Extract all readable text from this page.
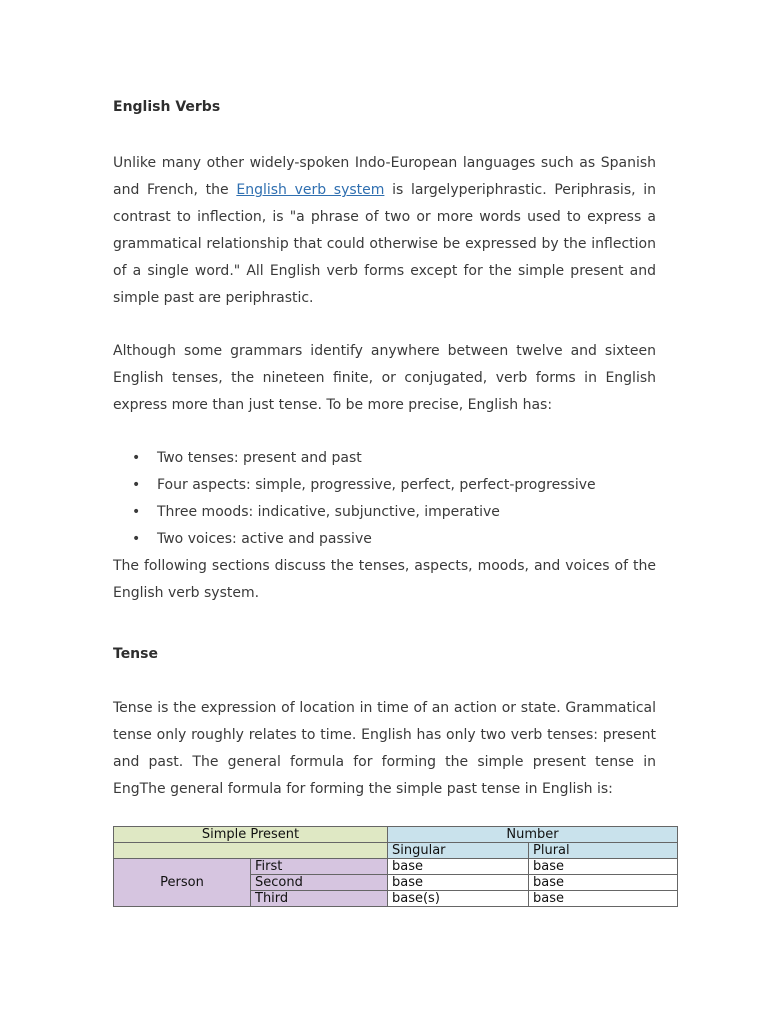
English Verbs

Unlike many other widely-spoken Indo-European languages such as Spanish and French, the English verb system is largelyperiphrastic. Periphrasis, in contrast to inflection, is "a phrase of two or more words used to express a grammatical relationship that could otherwise be expressed by the inflection of a single word." All English verb forms except for the simple present and simple past are periphrastic.

Although some grammars identify anywhere between twelve and sixteen English tenses, the nineteen finite, or conjugated, verb forms in English express more than just tense. To be more precise, English has:

• Two tenses: present and past
• Four aspects: simple, progressive, perfect, perfect-progressive
• Three moods: indicative, subjunctive, imperative
• Two voices: active and passive

The following sections discuss the tenses, aspects, moods, and voices of the English verb system.

Tense

Tense is the expression of location in time of an action or state. Grammatical tense only roughly relates to time. English has only two verb tenses: present and past. The general formula for forming the simple present tense in EngThe general formula for forming the simple past tense in English is:

Simple Present		Number	
		Singular	Plural
Person	First	base	base
	Second	base	base
	Third	base(s)	base
